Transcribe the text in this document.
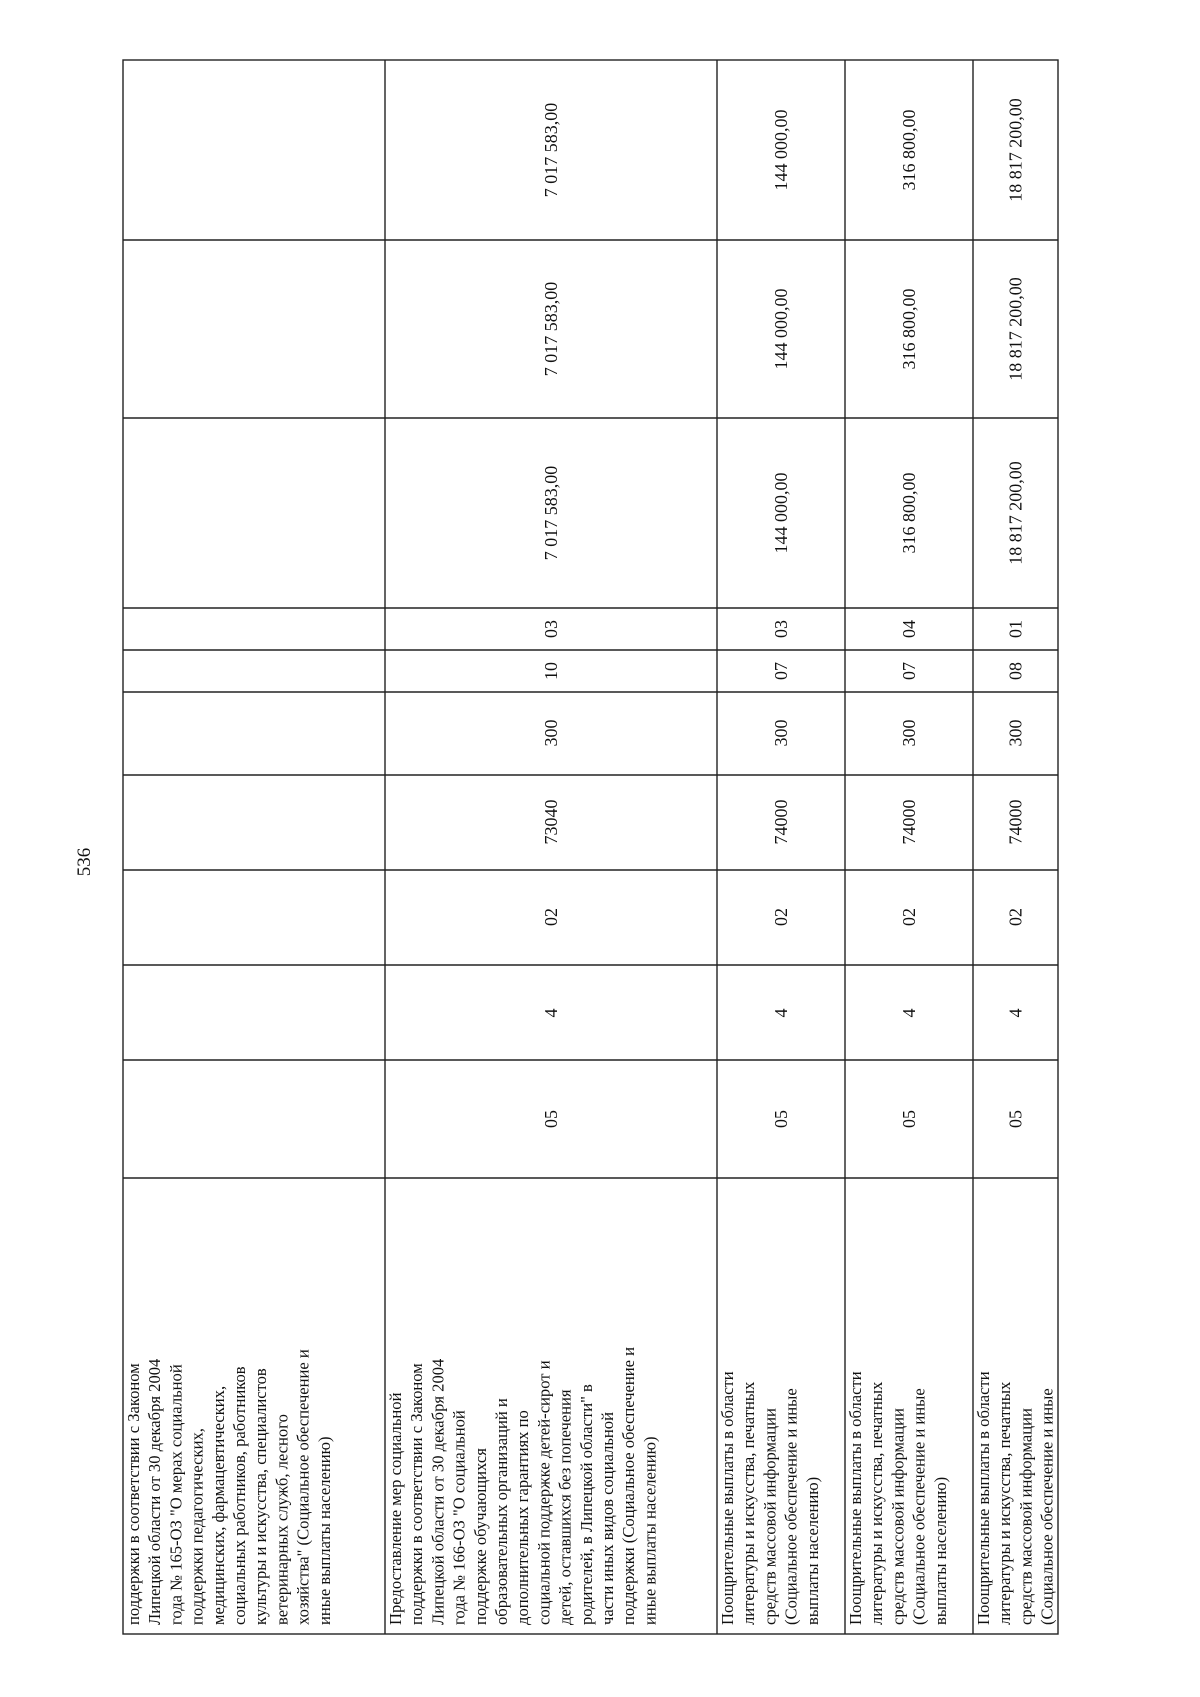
536
поддержки в соответствии с Законом Липецкой области от 30 декабря 2004 года № 165-ОЗ "О мерах социальной поддержки педагогических, медицинских, фармацевтических, социальных работников, работников культуры и искусства, специалистов ветеринарных служб, лесного хозяйства" (Социальное обеспечение и иные выплаты населению)	Предоставление мер социальной поддержки в соответствии с Законом Липецкой области от 30 декабря 2004 года № 166-ОЗ "О социальной поддержке обучающихся образовательных организаций и дополнительных гарантиях по социальной поддержке детей-сирот и детей, оставшихся без попечения родителей, в Липецкой области" в части иных видов социальной поддержки (Социальное обеспечение и иные выплаты населению)
05
4
02
73040
300
10
03
7 017 583,00
7 017 583,00
7 017 583,00
Поощрительные выплаты в области литературы и искусства, печатных средств массовой информации (Социальное обеспечение и иные выплаты населению)
05
4
02
74000
300
07
03
144 000,00
144 000,00
144 000,00
Поощрительные выплаты в области литературы и искусства, печатных средств массовой информации (Социальное обеспечение и иные выплаты населению)
05
4
02
74000
300
07
04
316 800,00
316 800,00
316 800,00
Поощрительные выплаты в области литературы и искусства, печатных средств массовой информации (Социальное обеспечение и иные
05
4
02
74000
300
08
01
18 817 200,00
18 817 200,00
18 817 200,00
